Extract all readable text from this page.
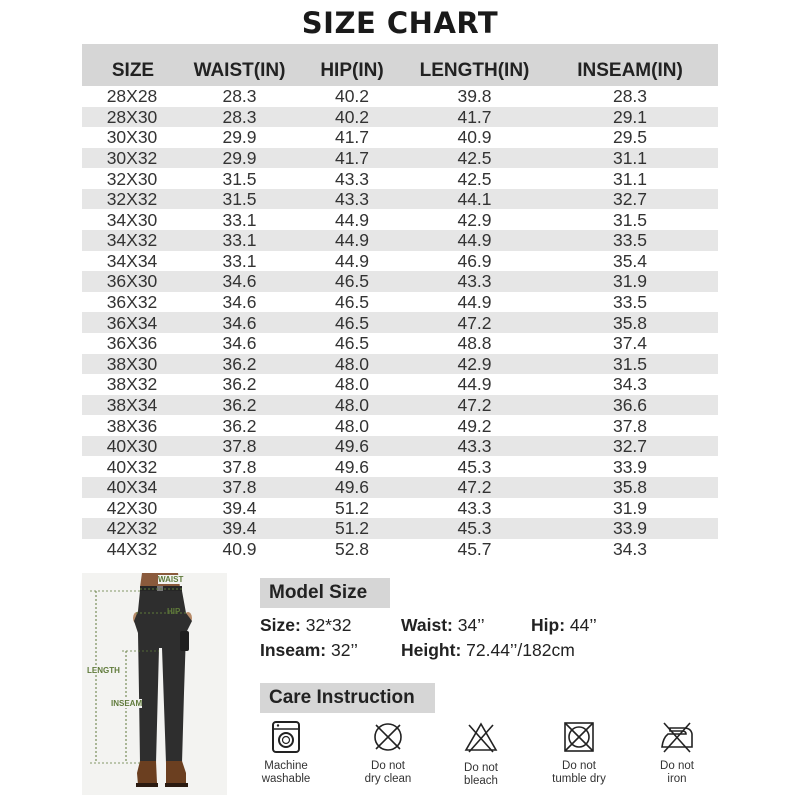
SIZE CHART
SIZE	WAIST(IN)	HIP(IN)	LENGTH(IN)	INSEAM(IN)
28X28	28.3	40.2	39.8	28.3
28X30	28.3	40.2	41.7	29.1
30X30	29.9	41.7	40.9	29.5
30X32	29.9	41.7	42.5	31.1
32X30	31.5	43.3	42.5	31.1
32X32	31.5	43.3	44.1	32.7
34X30	33.1	44.9	42.9	31.5
34X32	33.1	44.9	44.9	33.5
34X34	33.1	44.9	46.9	35.4
36X30	34.6	46.5	43.3	31.9
36X32	34.6	46.5	44.9	33.5
36X34	34.6	46.5	47.2	35.8
36X36	34.6	46.5	48.8	37.4
38X30	36.2	48.0	42.9	31.5
38X32	36.2	48.0	44.9	34.3
38X34	36.2	48.0	47.2	36.6
38X36	36.2	48.0	49.2	37.8
40X30	37.8	49.6	43.3	32.7
40X32	37.8	49.6	45.3	33.9
40X34	37.8	49.6	47.2	35.8
42X30	39.4	51.2	43.3	31.9
42X32	39.4	51.2	45.3	33.9
44X32	40.9	52.8	45.7	34.3
WAIST
HIP
LENGTH
INSEAM
Model Size
Size: 32*32	Waist: 34’’	Hip: 44’’
Inseam: 32’’ Height: 72.44’’/182cm
Care Instruction
Machine
washable
Do not
dry clean
Do not
bleach
Do not
tumble dry
Do not
iron
